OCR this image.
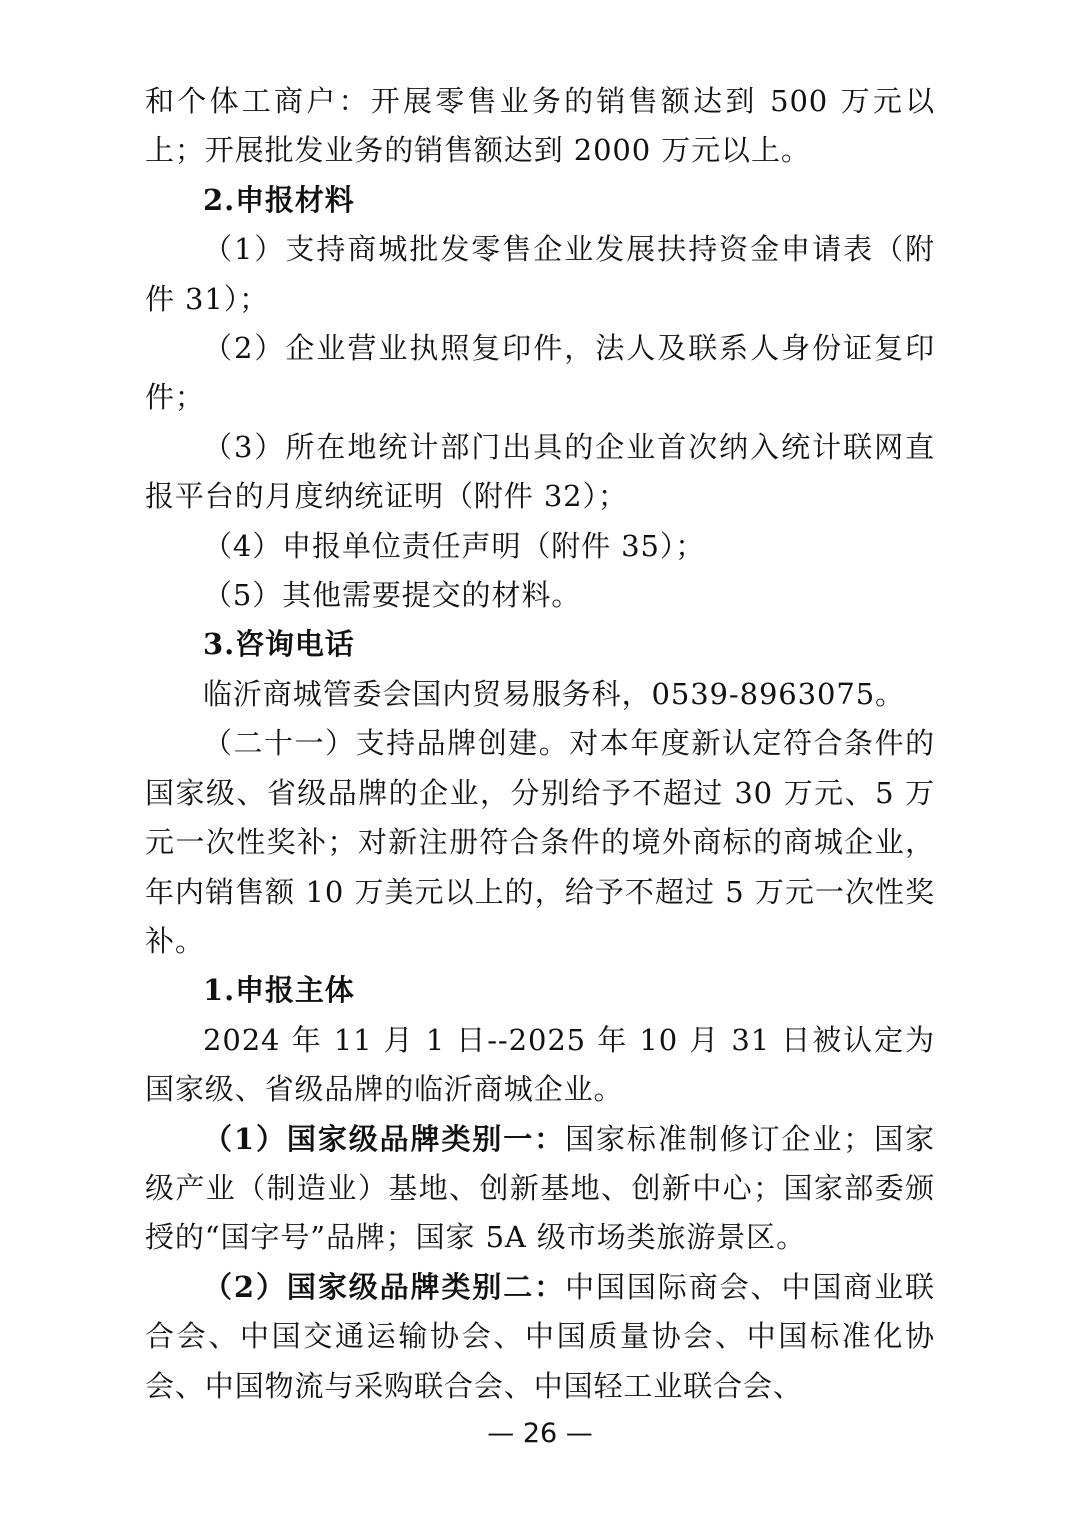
和个体工商户：开展零售业务的销售额达到 500 万元以上；开展批发业务的销售额达到 2000 万元以上。

2.申报材料

（1）支持商城批发零售企业发展扶持资金申请表（附件 31）；

（2）企业营业执照复印件，法人及联系人身份证复印件；

（3）所在地统计部门出具的企业首次纳入统计联网直报平台的月度纳统证明（附件 32）；

（4）申报单位责任声明（附件 35）；

（5）其他需要提交的材料。

3.咨询电话

临沂商城管委会国内贸易服务科，0539-8963075。

（二十一）支持品牌创建。对本年度新认定符合条件的国家级、省级品牌的企业，分别给予不超过 30 万元、5 万元一次性奖补；对新注册符合条件的境外商标的商城企业，年内销售额 10 万美元以上的，给予不超过 5 万元一次性奖补。

1.申报主体

2024 年 11 月 1 日--2025 年 10 月 31 日被认定为国家级、省级品牌的临沂商城企业。

（1）国家级品牌类别一：国家标准制修订企业；国家级产业（制造业）基地、创新基地、创新中心；国家部委颁授的“国字号”品牌；国家 5A 级市场类旅游景区。

（2）国家级品牌类别二：中国国际商会、中国商业联合会、中国交通运输协会、中国质量协会、中国标准化协会、中国物流与采购联合会、中国轻工业联合会、

— 26 —
